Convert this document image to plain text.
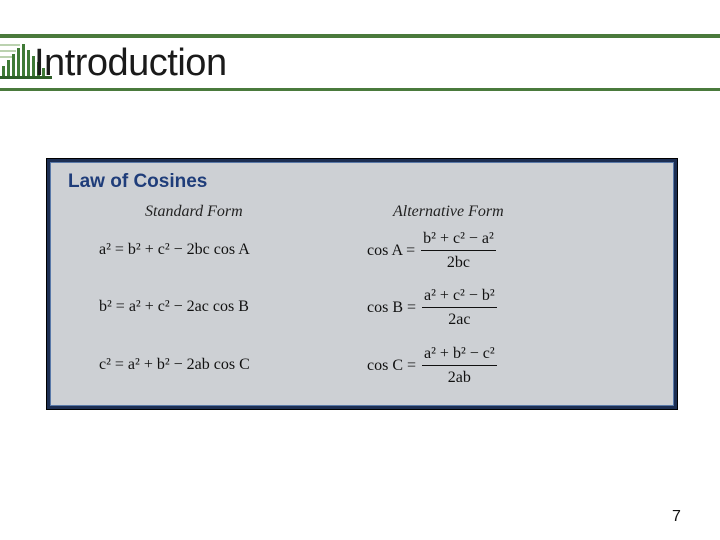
Introduction
Law of Cosines
Standard Form	Alternative Form
a² = b² + c² − 2bc cos A
b² = a² + c² − 2ac cos B
c² = a² + b² − 2ab cos C
$\cos A = \frac{\text{b² + c² − a²}}{2bc}$
$\cos B = \frac{\text{a² + c² − b²}}{2ac}$
$\cos C = \frac{\text{a² + b² − c²}}{2ab}$
7
